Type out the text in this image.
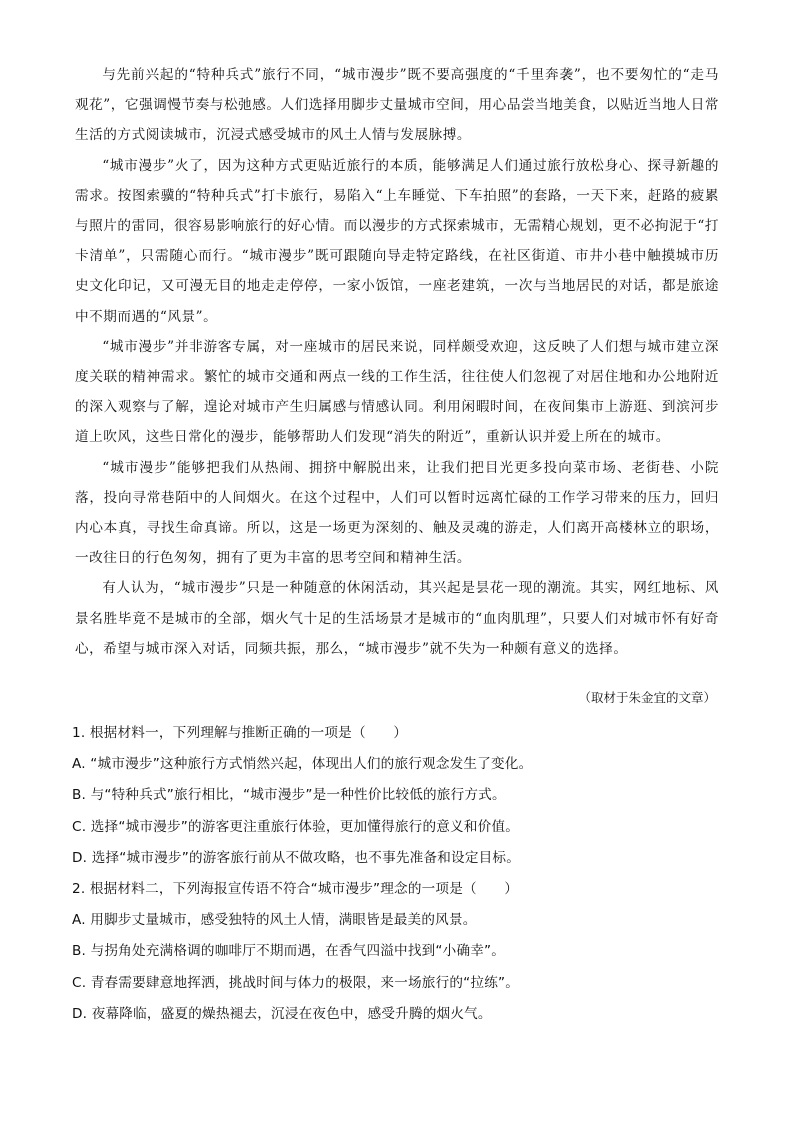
与先前兴起的“特种兵式”旅行不同，“城市漫步”既不要高强度的“千里奔袭”，也不要匆忙的“走马观花”，它强调慢节奏与松弛感。人们选择用脚步丈量城市空间，用心品尝当地美食，以贴近当地人日常生活的方式阅读城市，沉浸式感受城市的风土人情与发展脉搏。

“城市漫步”火了，因为这种方式更贴近旅行的本质，能够满足人们通过旅行放松身心、探寻新趣的需求。按图索骥的“特种兵式”打卡旅行，易陷入“上车睡觉、下车拍照”的套路，一天下来，赶路的疲累与照片的雷同，很容易影响旅行的好心情。而以漫步的方式探索城市，无需精心规划，更不必拘泥于“打卡清单”，只需随心而行。“城市漫步”既可跟随向导走特定路线，在社区街道、市井小巷中触摸城市历史文化印记，又可漫无目的地走走停停，一家小饭馆，一座老建筑，一次与当地居民的对话，都是旅途中不期而遇的“风景”。

“城市漫步”并非游客专属，对一座城市的居民来说，同样颇受欢迎，这反映了人们想与城市建立深度关联的精神需求。繁忙的城市交通和两点一线的工作生活，往往使人们忽视了对居住地和办公地附近的深入观察与了解，遑论对城市产生归属感与情感认同。利用闲暇时间，在夜间集市上游逛、到滨河步道上吹风，这些日常化的漫步，能够帮助人们发现“消失的附近”，重新认识并爱上所在的城市。

“城市漫步”能够把我们从热闹、拥挤中解脱出来，让我们把目光更多投向菜市场、老街巷、小院落，投向寻常巷陌中的人间烟火。在这个过程中，人们可以暂时远离忙碌的工作学习带来的压力，回归内心本真，寻找生命真谛。所以，这是一场更为深刻的、触及灵魂的游走，人们离开高楼林立的职场，一改往日的行色匆匆，拥有了更为丰富的思考空间和精神生活。

有人认为，“城市漫步”只是一种随意的休闲活动，其兴起是昙花一现的潮流。其实，网红地标、风景名胜毕竟不是城市的全部，烟火气十足的生活场景才是城市的“血肉肌理”，只要人们对城市怀有好奇心，希望与城市深入对话，同频共振，那么，“城市漫步”就不失为一种颇有意义的选择。

（取材于朱金宜的文章）

1. 根据材料一，下列理解与推断正确的一项是（　　）

A. “城市漫步”这种旅行方式悄然兴起，体现出人们的旅行观念发生了变化。

B. 与“特种兵式”旅行相比，“城市漫步”是一种性价比较低的旅行方式。

C. 选择“城市漫步”的游客更注重旅行体验，更加懂得旅行的意义和价值。

D. 选择“城市漫步”的游客旅行前从不做攻略，也不事先准备和设定目标。

2. 根据材料二，下列海报宣传语不符合“城市漫步”理念的一项是（　　）

A. 用脚步丈量城市，感受独特的风土人情，满眼皆是最美的风景。

B. 与拐角处充满格调的咖啡厅不期而遇，在香气四溢中找到“小确幸”。

C. 青春需要肆意地挥洒，挑战时间与体力的极限，来一场旅行的“拉练”。

D. 夜幕降临，盛夏的燥热褪去，沉浸在夜色中，感受升腾的烟火气。
